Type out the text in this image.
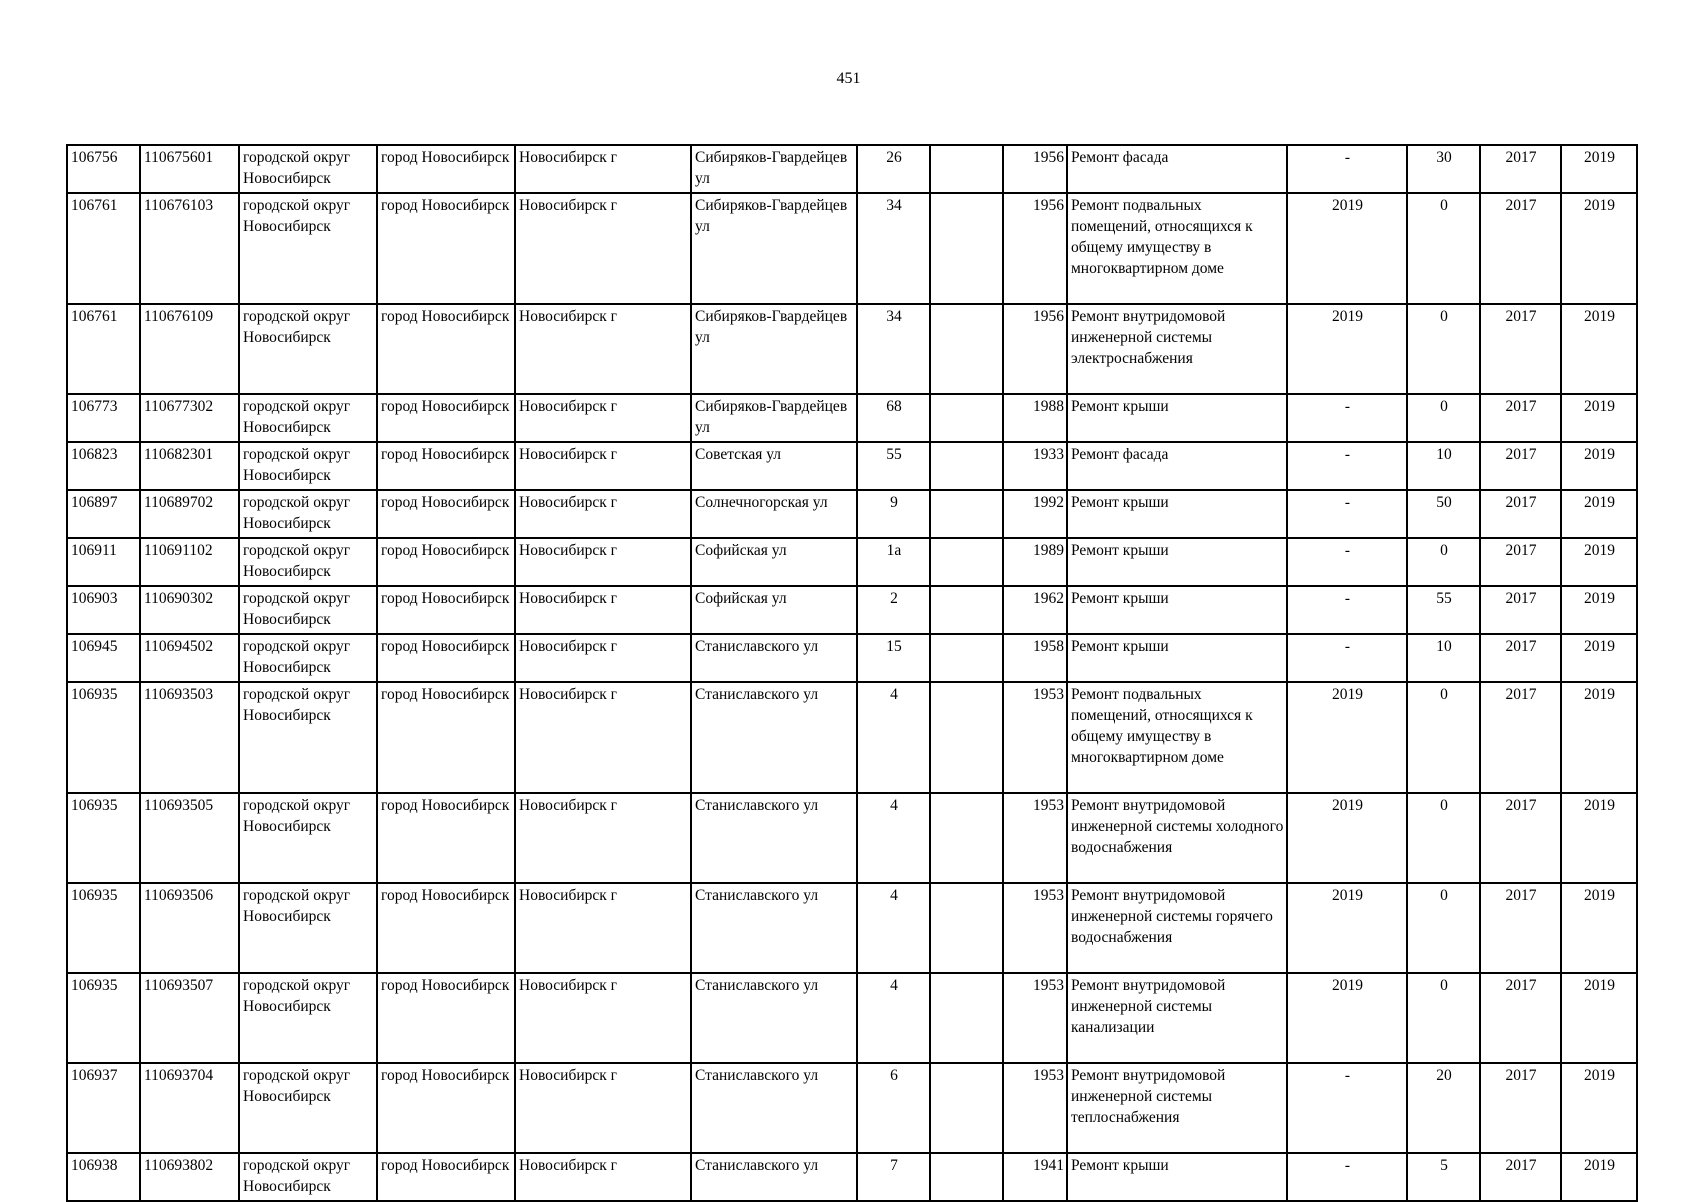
451
106756	110675601	городской округ Новосибирск	город Новосибирск	Новосибирск г	Сибиряков-Гвардейцев ул	26		1956	Ремонт фасада	-	30	2017	2019
106761	110676103	городской округ Новосибирск	город Новосибирск	Новосибирск г	Сибиряков-Гвардейцев ул	34		1956	Ремонт подвальных помещений, относящихся к общему имуществу в многоквартирном доме	2019	0	2017	2019
106761	110676109	городской округ Новосибирск	город Новосибирск	Новосибирск г	Сибиряков-Гвардейцев ул	34		1956	Ремонт внутридомовой инженерной системы электроснабжения	2019	0	2017	2019
106773	110677302	городской округ Новосибирск	город Новосибирск	Новосибирск г	Сибиряков-Гвардейцев ул	68		1988	Ремонт крыши	-	0	2017	2019
106823	110682301	городской округ Новосибирск	город Новосибирск	Новосибирск г	Советская ул	55		1933	Ремонт фасада	-	10	2017	2019
106897	110689702	городской округ Новосибирск	город Новосибирск	Новосибирск г	Солнечногорская ул	9		1992	Ремонт крыши	-	50	2017	2019
106911	110691102	городской округ Новосибирск	город Новосибирск	Новосибирск г	Софийская ул	1а		1989	Ремонт крыши	-	0	2017	2019
106903	110690302	городской округ Новосибирск	город Новосибирск	Новосибирск г	Софийская ул	2		1962	Ремонт крыши	-	55	2017	2019
106945	110694502	городской округ Новосибирск	город Новосибирск	Новосибирск г	Станиславского ул	15		1958	Ремонт крыши	-	10	2017	2019
106935	110693503	городской округ Новосибирск	город Новосибирск	Новосибирск г	Станиславского ул	4		1953	Ремонт подвальных помещений, относящихся к общему имуществу в многоквартирном доме	2019	0	2017	2019
106935	110693505	городской округ Новосибирск	город Новосибирск	Новосибирск г	Станиславского ул	4		1953	Ремонт внутридомовой инженерной системы холодного водоснабжения	2019	0	2017	2019
106935	110693506	городской округ Новосибирск	город Новосибирск	Новосибирск г	Станиславского ул	4		1953	Ремонт внутридомовой инженерной системы горячего водоснабжения	2019	0	2017	2019
106935	110693507	городской округ Новосибирск	город Новосибирск	Новосибирск г	Станиславского ул	4		1953	Ремонт внутридомовой инженерной системы канализации	2019	0	2017	2019
106937	110693704	городской округ Новосибирск	город Новосибирск	Новосибирск г	Станиславского ул	6		1953	Ремонт внутридомовой инженерной системы теплоснабжения	-	20	2017	2019
106938	110693802	городской округ Новосибирск	город Новосибирск	Новосибирск г	Станиславского ул	7		1941	Ремонт крыши	-	5	2017	2019
